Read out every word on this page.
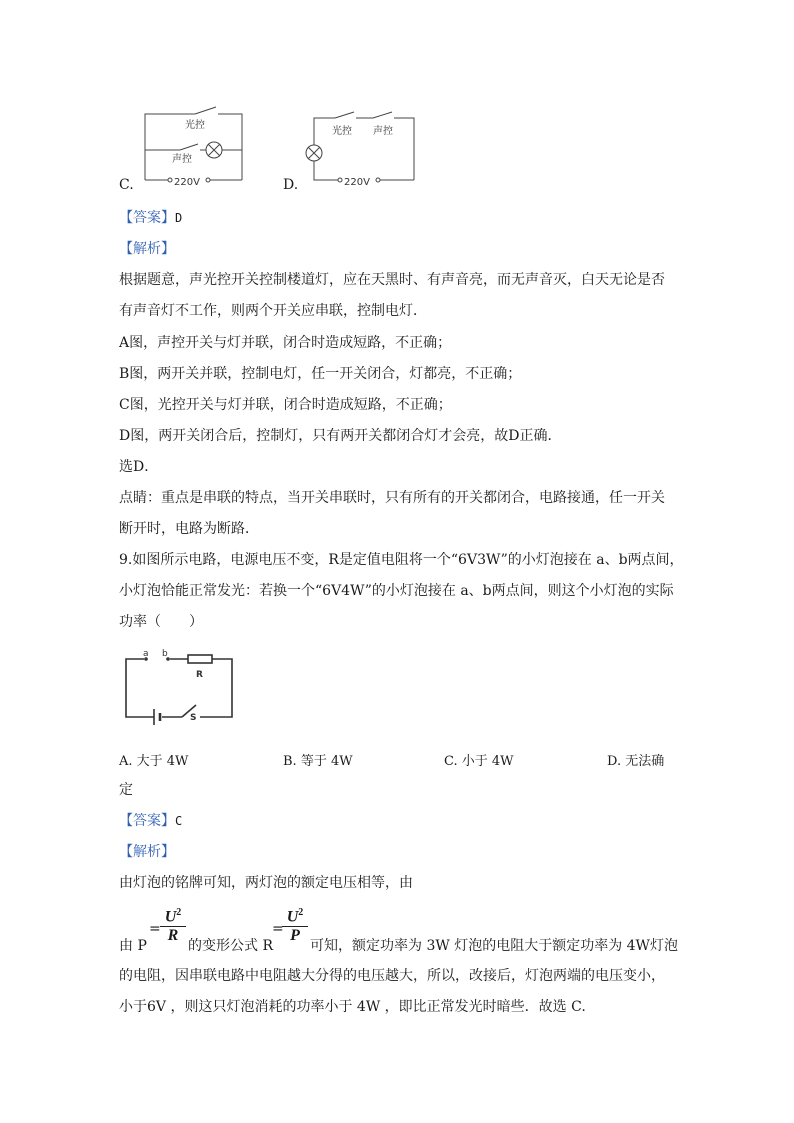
C.
光控
声控
220V	D.
光控 声控
220V
【答案】D
【解析】
根据题意，声光控开关控制楼道灯，应在天黑时、有声音亮，而无声音灭，白天无论是否
有声音灯不工作，则两个开关应串联，控制电灯．
A图，声控开关与灯并联，闭合时造成短路，不正确；
B图，两开关并联，控制电灯，任一开关闭合，灯都亮，不正确；
C图，光控开关与灯并联，闭合时造成短路，不正确；
D图，两开关闭合后，控制灯，只有两开关都闭合灯才会亮，故D正确．
选D．
点睛：重点是串联的特点，当开关串联时，只有所有的开关都闭合，电路接通，任一开关
断开时，电路为断路．
9.如图所示电路，电源电压不变，R是定值电阻将一个“6V3W”的小灯泡接在 a、b两点间，
小灯泡恰能正常发光：若换一个“6V4W”的小灯泡接在 a、b两点间，则这个小灯泡的实际
功率（　　）
a b
R
S
A. 大于 4W	B. 等于 4W	C. 小于 4W	D. 无法确
定
【答案】C
【解析】
由灯泡的铭牌可知，两灯泡的额定电压相等，由
由 P
= $\frac{U^2}{R}$
的变形公式 R
=
$\frac{U^2}{P}$
可知，额定功率为 3W 灯泡的电阻大于额定功率为 4W灯泡
的电阻，因串联电路中电阻越大分得的电压越大，所以，改接后，灯泡两端的电压变小，
小于6V ，则这只灯泡消耗的功率小于 4W ，即比正常发光时暗些．故选 C.
